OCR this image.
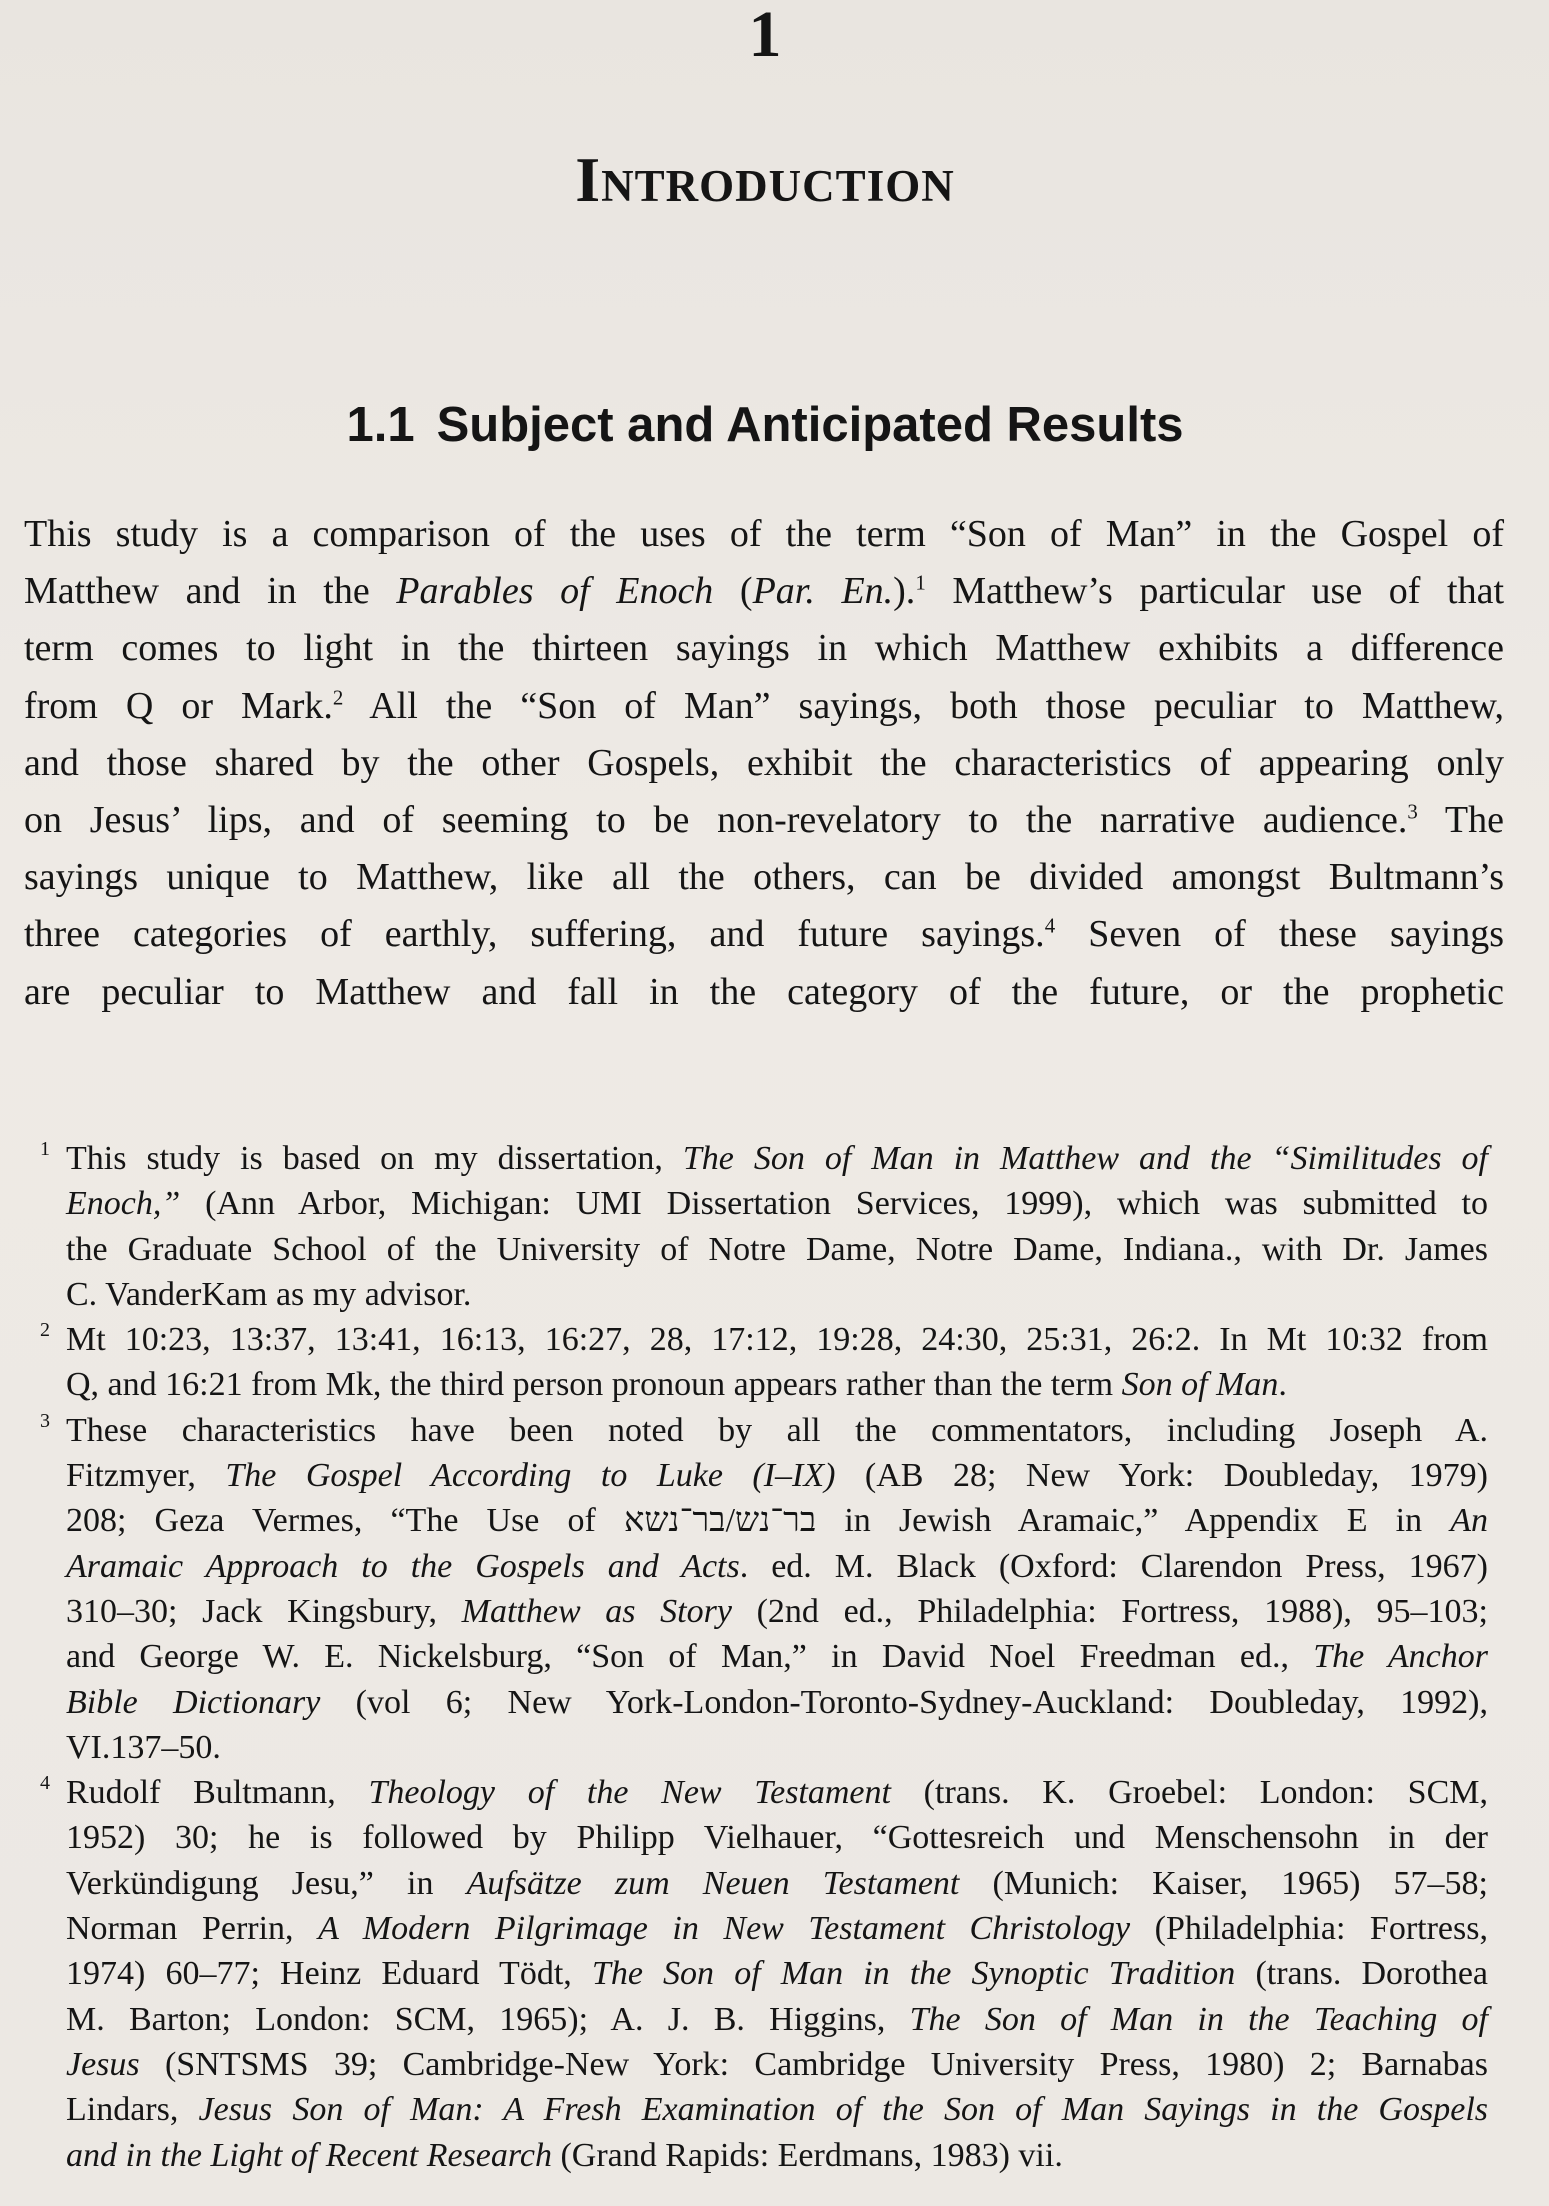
1
Introduction
1.1 Subject and Anticipated Results
This study is a comparison of the uses of the term “Son of Man” in the Gospel of
Matthew and in the Parables of Enoch (Par. En.).$^1$ Matthew’s particular use of that
term comes to light in the thirteen sayings in which Matthew exhibits a difference
from Q or Mark.$^2$ All the “Son of Man” sayings, both those peculiar to Matthew,
and those shared by the other Gospels, exhibit the characteristics of appearing only
on Jesus’ lips, and of seeming to be non-revelatory to the narrative audience.$^3$ The
sayings unique to Matthew, like all the others, can be divided amongst Bultmann’s
three categories of earthly, suffering, and future sayings.$^4$ Seven of these sayings
are peculiar to Matthew and fall in the category of the future, or the prophetic
1 This study is based on my dissertation, The Son of Man in Matthew and the “Similitudes of
Enoch,” (Ann Arbor, Michigan: UMI Dissertation Services, 1999), which was submitted to
the Graduate School of the University of Notre Dame, Notre Dame, Indiana., with Dr. James
C. VanderKam as my advisor.
2 Mt 10:23, 13:37, 13:41, 16:13, 16:27, 28, 17:12, 19:28, 24:30, 25:31, 26:2. In Mt 10:32 from
Q, and 16:21 from Mk, the third person pronoun appears rather than the term Son of Man.
3 These characteristics have been noted by all the commentators, including Joseph A.
Fitzmyer, The Gospel According to Luke (I–IX) (AB 28; New York: Doubleday, 1979)
208; Geza Vermes, “The Use of בר־נש/בר־נשא in Jewish Aramaic,” Appendix E in An
Aramaic Approach to the Gospels and Acts. ed. M. Black (Oxford: Clarendon Press, 1967)
310–30; Jack Kingsbury, Matthew as Story (2nd ed., Philadelphia: Fortress, 1988), 95–103;
and George W. E. Nickelsburg, “Son of Man,” in David Noel Freedman ed., The Anchor
Bible Dictionary (vol 6; New York-London-Toronto-Sydney-Auckland: Doubleday, 1992),
VI.137–50.
4 Rudolf Bultmann, Theology of the New Testament (trans. K. Groebel: London: SCM,
1952) 30; he is followed by Philipp Vielhauer, “Gottesreich und Menschensohn in der
Verkündigung Jesu,” in Aufsätze zum Neuen Testament (Munich: Kaiser, 1965) 57–58;
Norman Perrin, A Modern Pilgrimage in New Testament Christology (Philadelphia: Fortress,
1974) 60–77; Heinz Eduard Tödt, The Son of Man in the Synoptic Tradition (trans. Dorothea
M. Barton; London: SCM, 1965); A. J. B. Higgins, The Son of Man in the Teaching of
Jesus (SNTSMS 39; Cambridge-New York: Cambridge University Press, 1980) 2; Barnabas
Lindars, Jesus Son of Man: A Fresh Examination of the Son of Man Sayings in the Gospels
and in the Light of Recent Research (Grand Rapids: Eerdmans, 1983) vii.
